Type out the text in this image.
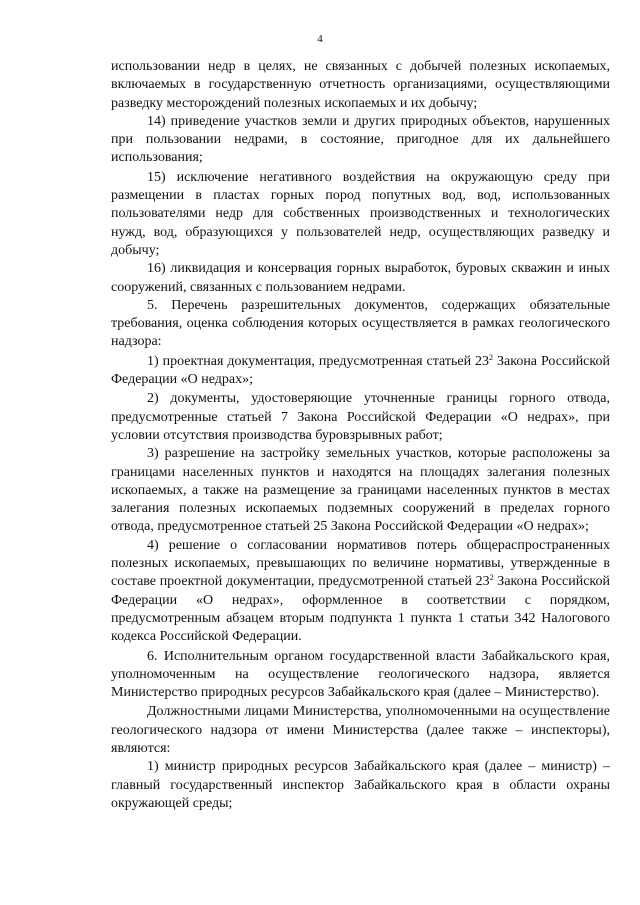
4

использовании недр в целях, не связанных с добычей полезных ископаемых, включаемых в государственную отчетность организациями, осуществляющими разведку месторождений полезных ископаемых и их добычу;

14) приведение участков земли и других природных объектов, нарушенных при пользовании недрами, в состояние, пригодное для их дальнейшего использования;

15) исключение негативного воздействия на окружающую среду при размещении в пластах горных пород попутных вод, вод, использованных пользователями недр для собственных производственных и технологических нужд, вод, образующихся у пользователей недр, осуществляющих разведку и добычу;

16) ликвидация и консервация горных выработок, буровых скважин и иных сооружений, связанных с пользованием недрами.

5. Перечень разрешительных документов, содержащих обязательные требования, оценка соблюдения которых осуществляется в рамках геологического надзора:

1) проектная документация, предусмотренная статьей $23^2$ Закона Российской Федерации «О недрах»;

2) документы, удостоверяющие уточненные границы горного отвода, предусмотренные статьей 7 Закона Российской Федерации «О недрах», при условии отсутствия производства буровзрывных работ;

3) разрешение на застройку земельных участков, которые расположены за границами населенных пунктов и находятся на площадях залегания полезных ископаемых, а также на размещение за границами населенных пунктов в местах залегания полезных ископаемых подземных сооружений в пределах горного отвода, предусмотренное статьей 25 Закона Российской Федерации «О недрах»;

4) решение о согласовании нормативов потерь общераспространенных полезных ископаемых, превышающих по величине нормативы, утвержденные в составе проектной документации, предусмотренной статьей $23^2$ Закона Российской Федерации «О недрах», оформленное в соответствии с порядком, предусмотренным абзацем вторым подпункта 1 пункта 1 статьи 342 Налогового кодекса Российской Федерации.

6. Исполнительным органом государственной власти Забайкальского края, уполномоченным на осуществление геологического надзора, является Министерство природных ресурсов Забайкальского края (далее – Министерство).

Должностными лицами Министерства, уполномоченными на осуществление геологического надзора от имени Министерства (далее также – инспекторы), являются:

1) министр природных ресурсов Забайкальского края (далее – министр) – главный государственный инспектор Забайкальского края в области охраны окружающей среды;
